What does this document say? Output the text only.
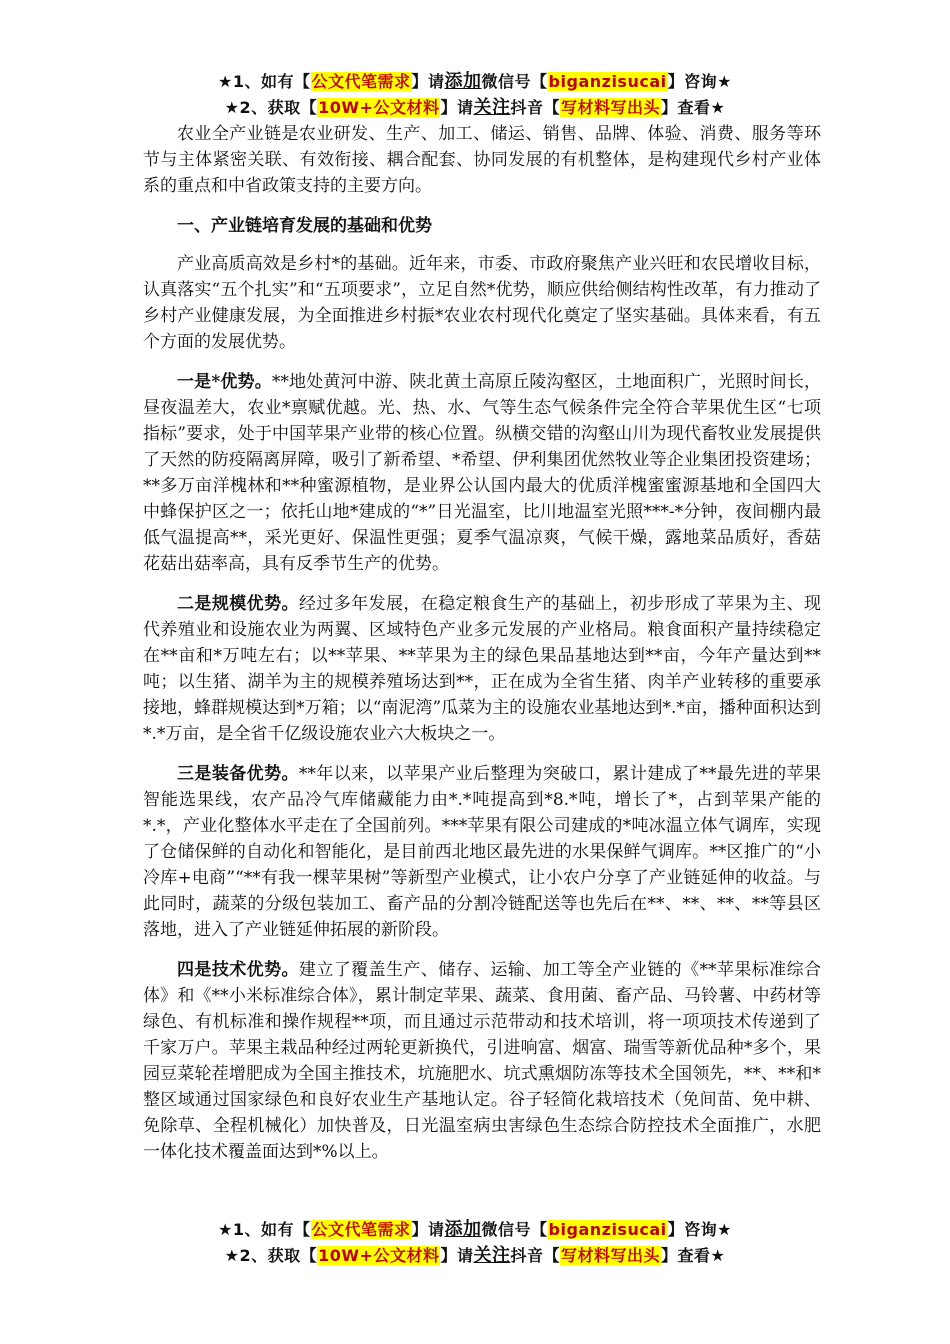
★1、如有【公文代笔需求】请添加微信号【biganzisucai】咨询★
★2、获取【10W+公文材料】请关注抖音【写材料写出头】查看★

农业全产业链是农业研发、生产、加工、储运、销售、品牌、体验、消费、服务等环节与主体紧密关联、有效衔接、耦合配套、协同发展的有机整体，是构建现代乡村产业体系的重点和中省政策支持的主要方向。

一、产业链培育发展的基础和优势

产业高质高效是乡村*的基础。近年来，市委、市政府聚焦产业兴旺和农民增收目标，认真落实“五个扎实”和“五项要求”，立足自然*优势，顺应供给侧结构性改革，有力推动了乡村产业健康发展，为全面推进乡村振*农业农村现代化奠定了坚实基础。具体来看，有五个方面的发展优势。

一是*优势。**地处黄河中游、陕北黄土高原丘陵沟壑区，土地面积广，光照时间长，昼夜温差大，农业*禀赋优越。光、热、水、气等生态气候条件完全符合苹果优生区“七项指标”要求，处于中国苹果产业带的核心位置。纵横交错的沟壑山川为现代畜牧业发展提供了天然的防疫隔离屏障，吸引了新希望、*希望、伊利集团优然牧业等企业集团投资建场；**多万亩洋槐林和**种蜜源植物，是业界公认国内最大的优质洋槐蜜蜜源基地和全国四大中蜂保护区之一；依托山地*建成的“*”日光温室，比川地温室光照***-*分钟，夜间棚内最低气温提高**，采光更好、保温性更强；夏季气温凉爽，气候干燥，露地菜品质好，香菇花菇出菇率高，具有反季节生产的优势。

二是规模优势。经过多年发展，在稳定粮食生产的基础上，初步形成了苹果为主、现代养殖业和设施农业为两翼、区域特色产业多元发展的产业格局。粮食面积产量持续稳定在**亩和*万吨左右；以**苹果、**苹果为主的绿色果品基地达到**亩，今年产量达到**吨；以生猪、湖羊为主的规模养殖场达到**，正在成为全省生猪、肉羊产业转移的重要承接地，蜂群规模达到*万箱；以“南泥湾”瓜菜为主的设施农业基地达到*.*亩，播种面积达到*.*万亩，是全省千亿级设施农业六大板块之一。

三是装备优势。**年以来，以苹果产业后整理为突破口，累计建成了**最先进的苹果智能选果线，农产品冷气库储藏能力由*.*吨提高到*8.*吨，增长了*，占到苹果产能的*.*，产业化整体水平走在了全国前列。***苹果有限公司建成的*吨冰温立体气调库，实现了仓储保鲜的自动化和智能化，是目前西北地区最先进的水果保鲜气调库。**区推广的“小冷库+电商”“**有我一棵苹果树”等新型产业模式，让小农户分享了产业链延伸的收益。与此同时，蔬菜的分级包装加工、畜产品的分割冷链配送等也先后在**、**、**、**等县区落地，进入了产业链延伸拓展的新阶段。

四是技术优势。建立了覆盖生产、储存、运输、加工等全产业链的《**苹果标准综合体》和《**小米标准综合体》，累计制定苹果、蔬菜、食用菌、畜产品、马铃薯、中药材等绿色、有机标准和操作规程**项，而且通过示范带动和技术培训，将一项项技术传递到了千家万户。苹果主栽品种经过两轮更新换代，引进响富、烟富、瑞雪等新优品种*多个，果园豆菜轮茬增肥成为全国主推技术，坑施肥水、坑式熏烟防冻等技术全国领先，**、**和*整区域通过国家绿色和良好农业生产基地认定。谷子轻简化栽培技术（免间苗、免中耕、免除草、全程机械化）加快普及，日光温室病虫害绿色生态综合防控技术全面推广，水肥一体化技术覆盖面达到*%以上。

★1、如有【公文代笔需求】请添加微信号【biganzisucai】咨询★
★2、获取【10W+公文材料】请关注抖音【写材料写出头】查看★
